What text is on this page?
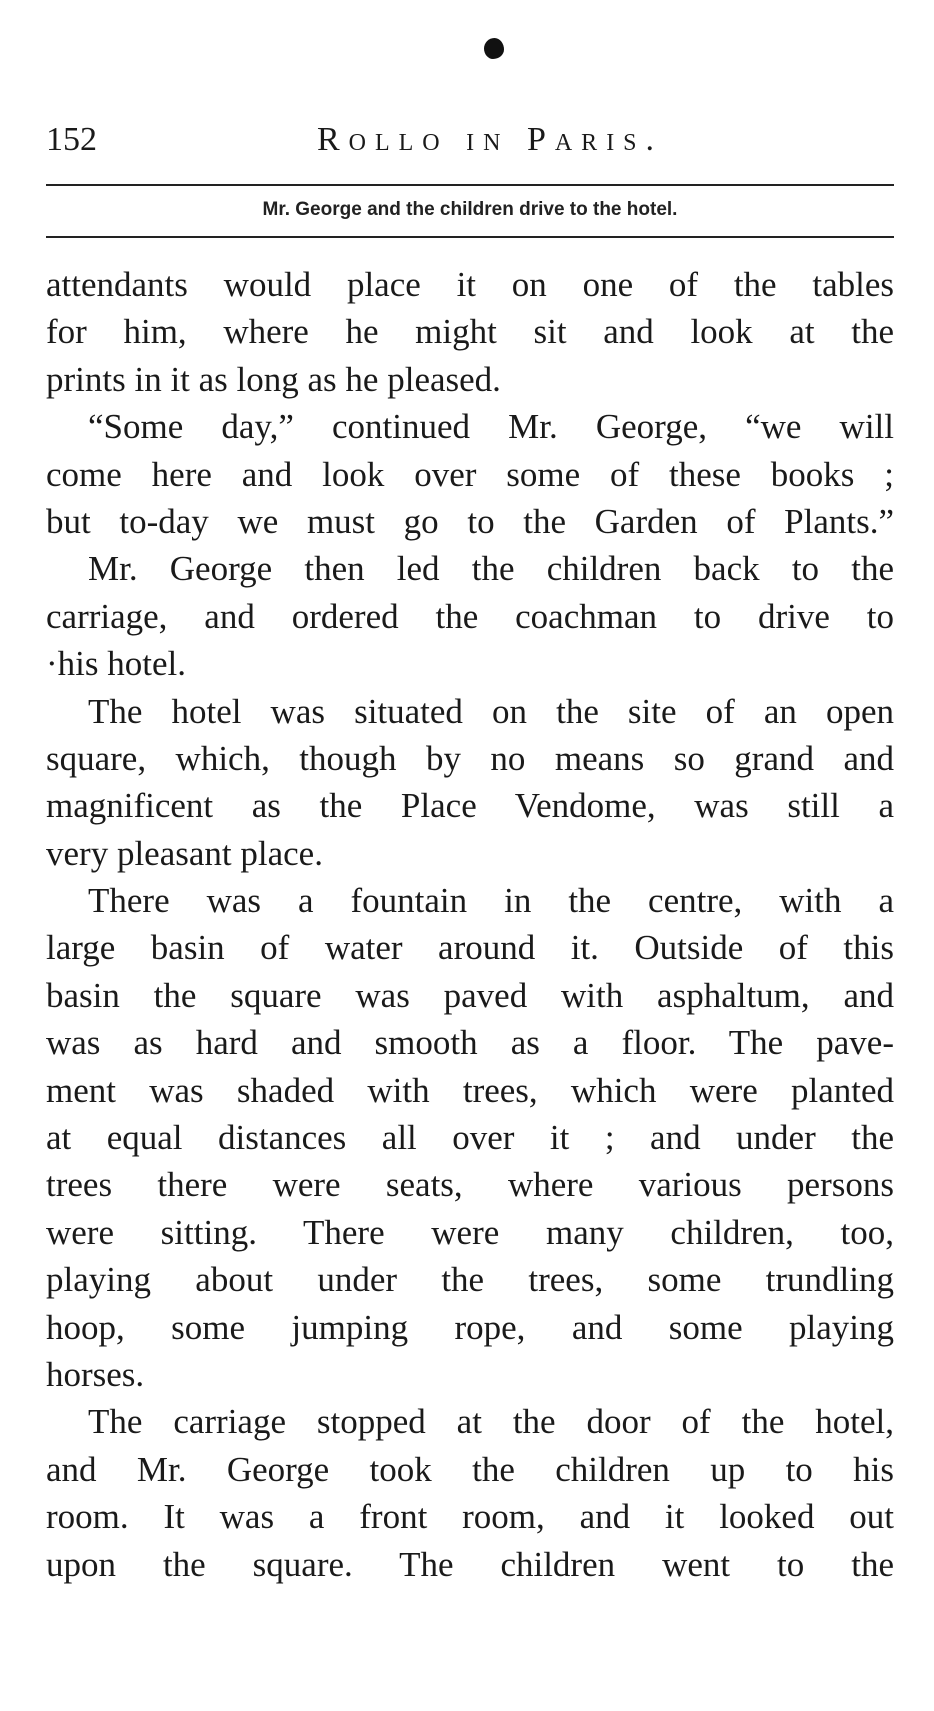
152	Rollo in Paris.
Mr. George and the children drive to the hotel.
attendants would place it on one of the tables
for him, where he might sit and look at the
prints in it as long as he pleased.
“Some day,” continued Mr. George, “we will
come here and look over some of these books ;
but to-day we must go to the Garden of Plants.”
Mr. George then led the children back to the
carriage, and ordered the coachman to drive to
·his hotel.
The hotel was situated on the site of an open
square, which, though by no means so grand and
magnificent as the Place Vendome, was still a
very pleasant place.
There was a fountain in the centre, with a
large basin of water around it. Outside of this
basin the square was paved with asphaltum, and
was as hard and smooth as a floor. The pave-
ment was shaded with trees, which were planted
at equal distances all over it ; and under the
trees there were seats, where various persons
were sitting. There were many children, too,
playing about under the trees, some trundling
hoop, some jumping rope, and some playing
horses.
The carriage stopped at the door of the hotel,
and Mr. George took the children up to his
room. It was a front room, and it looked out
upon the square. The children went to the
